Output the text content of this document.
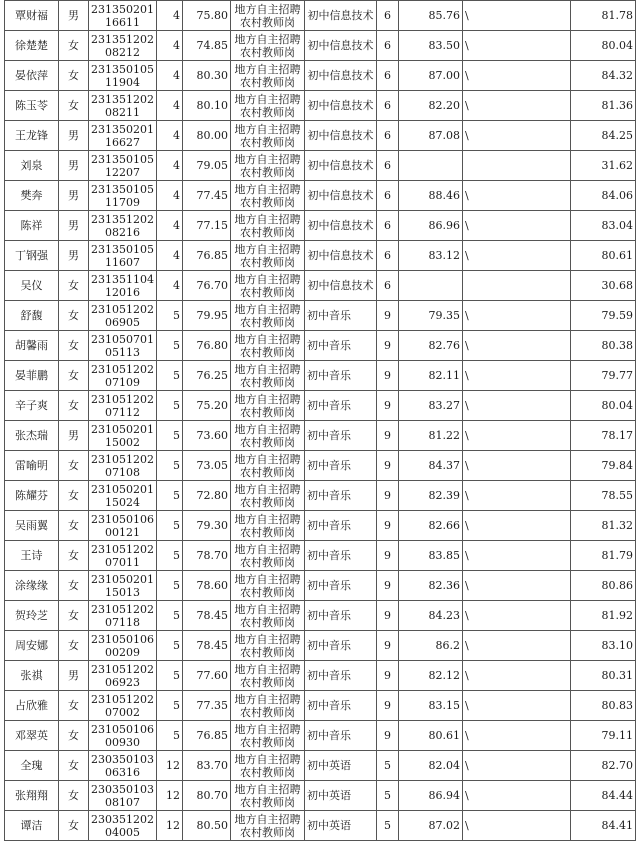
覃财福	男	23135020116611	4	75.80	地方自主招聘农村教师岗	初中信息技术	6	85.76	\	81.78
徐楚楚	女	23135120208212	4	74.85	地方自主招聘农村教师岗	初中信息技术	6	83.50	\	80.04
晏依萍	女	23135010511904	4	80.30	地方自主招聘农村教师岗	初中信息技术	6	87.00	\	84.32
陈玉苓	女	23135120208211	4	80.10	地方自主招聘农村教师岗	初中信息技术	6	82.20	\	81.36
王龙锋	男	23135020116627	4	80.00	地方自主招聘农村教师岗	初中信息技术	6	87.08	\	84.25
刘泉	男	23135010512207	4	79.05	地方自主招聘农村教师岗	初中信息技术	6			31.62
樊奔	男	23135010511709	4	77.45	地方自主招聘农村教师岗	初中信息技术	6	88.46	\	84.06
陈祥	男	23135120208216	4	77.15	地方自主招聘农村教师岗	初中信息技术	6	86.96	\	83.04
丁钢强	男	23135010511607	4	76.85	地方自主招聘农村教师岗	初中信息技术	6	83.12	\	80.61
吴仪	女	23135110412016	4	76.70	地方自主招聘农村教师岗	初中信息技术	6			30.68
舒馥	女	23105120206905	5	79.95	地方自主招聘农村教师岗	初中音乐	9	79.35	\	79.59
胡馨雨	女	23105070105113	5	76.80	地方自主招聘农村教师岗	初中音乐	9	82.76	\	80.38
晏菲鹏	女	23105120207109	5	76.25	地方自主招聘农村教师岗	初中音乐	9	82.11	\	79.77
辛子爽	女	23105120207112	5	75.20	地方自主招聘农村教师岗	初中音乐	9	83.27	\	80.04
张杰瑞	男	23105020115002	5	73.60	地方自主招聘农村教师岗	初中音乐	9	81.22	\	78.17
雷喻明	女	23105120207108	5	73.05	地方自主招聘农村教师岗	初中音乐	9	84.37	\	79.84
陈耀芬	女	23105020115024	5	72.80	地方自主招聘农村教师岗	初中音乐	9	82.39	\	78.55
吴雨翼	女	23105010600121	5	79.30	地方自主招聘农村教师岗	初中音乐	9	82.66	\	81.32
王诗	女	23105120207011	5	78.70	地方自主招聘农村教师岗	初中音乐	9	83.85	\	81.79
涂缘缘	女	23105020115013	5	78.60	地方自主招聘农村教师岗	初中音乐	9	82.36	\	80.86
贺玲芝	女	23105120207118	5	78.45	地方自主招聘农村教师岗	初中音乐	9	84.23	\	81.92
周安娜	女	23105010600209	5	78.45	地方自主招聘农村教师岗	初中音乐	9	86.2	\	83.10
张祺	男	23105120206923	5	77.60	地方自主招聘农村教师岗	初中音乐	9	82.12	\	80.31
占欣雅	女	23105120207002	5	77.35	地方自主招聘农村教师岗	初中音乐	9	83.15	\	80.83
邓翠英	女	23105010600930	5	76.85	地方自主招聘农村教师岗	初中音乐	9	80.61	\	79.11
全瑰	女	23035010306316	12	83.70	地方自主招聘农村教师岗	初中英语	5	82.04	\	82.70
张翔翔	女	23035010308107	12	80.70	地方自主招聘农村教师岗	初中英语	5	86.94	\	84.44
谭洁	女	23035120204005	12	80.50	地方自主招聘农村教师岗	初中英语	5	87.02	\	84.41
